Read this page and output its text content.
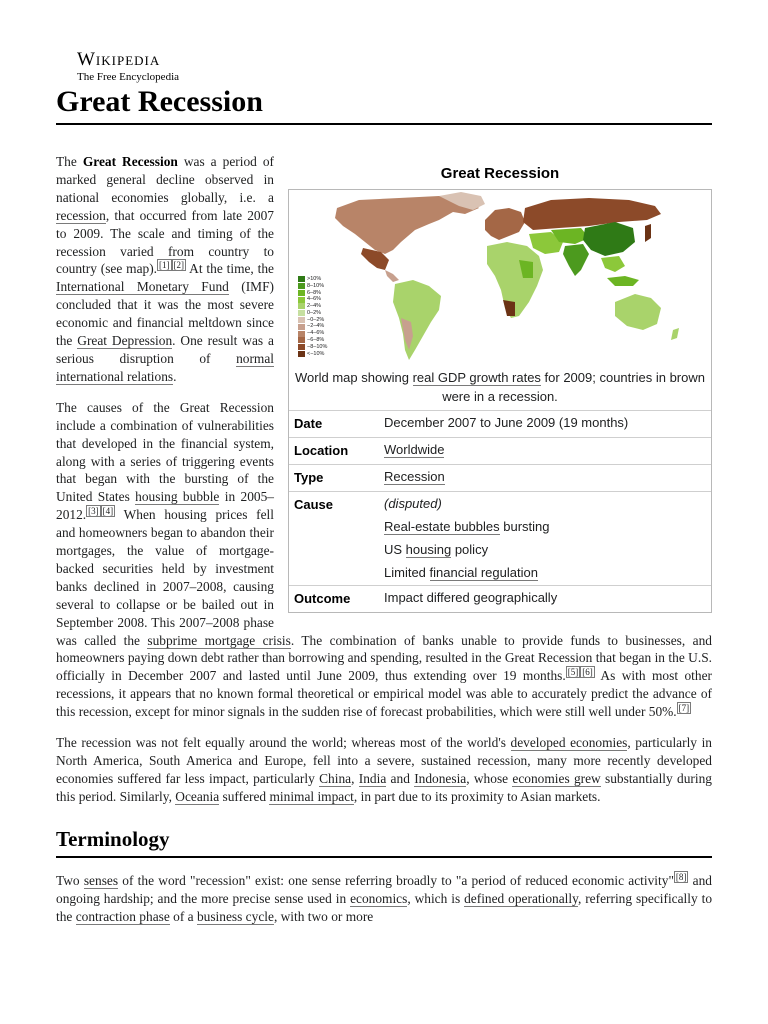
Wikipedia
The Free Encyclopedia
Great Recession
Great Recession
>10%
8–10%
6–8%
4–6%
2–4%
0–2%
−0–2%
−2–4%
−4–6%
−6–8%
−8–10%
<−10%
World map showing real GDP growth rates for 2009; countries in brown were in a recession.
Date	December 2007 to June 2009 (19 months)
Location	Worldwide
Type	Recession
Cause	(disputed)
Real-estate bubbles bursting
US housing policy
Limited financial regulation

Outcome	Impact differed geographically

The Great Recession was a period of marked general decline observed in national economies globally, i.e. a recession, that occurred from late 2007 to 2009. The scale and timing of the recession varied from country to country (see map). [1] [2] At the time, the International Monetary Fund (IMF) concluded that it was the most severe economic and financial meltdown since the Great Depression. One result was a serious disruption of normal international relations.

The causes of the Great Recession include a combination of vulnerabilities that developed in the financial system, along with a series of triggering events that began with the bursting of the United States housing bubble in 2005–2012. [3] [4] When housing prices fell and homeowners began to abandon their mortgages, the value of mortgage-backed securities held by investment banks declined in 2007–2008, causing several to collapse or be bailed out in September 2008. This 2007–2008 phase was called the subprime mortgage crisis. The combination of banks unable to provide funds to businesses, and homeowners paying down debt rather than borrowing and spending, resulted in the Great Recession that began in the U.S. officially in December 2007 and lasted until June 2009, thus extending over 19 months. [5] [6] As with most other recessions, it appears that no known formal theoretical or empirical model was able to accurately predict the advance of this recession, except for minor signals in the sudden rise of forecast probabilities, which were still well under 50%. [7]

The recession was not felt equally around the world; whereas most of the world's developed economies, particularly in North America, South America and Europe, fell into a severe, sustained recession, many more recently developed economies suffered far less impact, particularly China, India and Indonesia, whose economies grew substantially during this period. Similarly, Oceania suffered minimal impact, in part due to its proximity to Asian markets.

Terminology

Two senses of the word "recession" exist: one sense referring broadly to "a period of reduced economic activity" [8] and ongoing hardship; and the more precise sense used in economics, which is defined operationally, referring specifically to the contraction phase of a business cycle, with two or more
